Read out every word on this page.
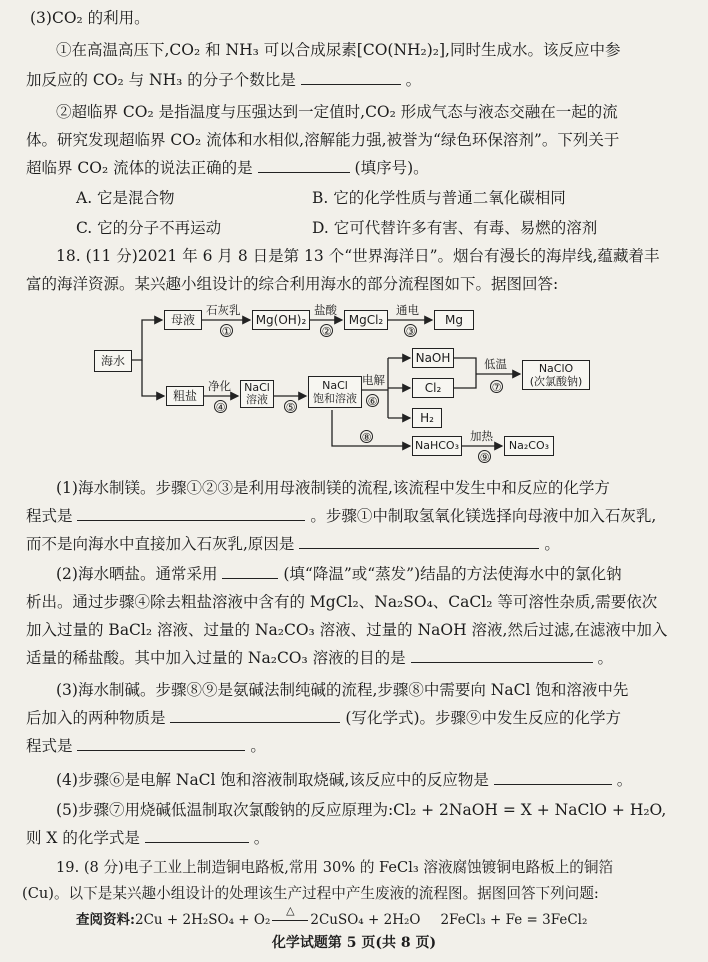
(3)CO₂ 的利用。
①在高温高压下,CO₂ 和 NH₃ 可以合成尿素[CO(NH₂)₂],同时生成水。该反应中参
加反应的 CO₂ 与 NH₃ 的分子个数比是	。
②超临界 CO₂ 是指温度与压强达到一定值时,CO₂ 形成气态与液态交融在一起的流
体。研究发现超临界 CO₂ 流体和水相似,溶解能力强,被誉为“绿色环保溶剂”。下列关于
超临界 CO₂ 流体的说法正确的是	(填序号)。
A. 它是混合物	B. 它的化学性质与普通二氧化碳相同
C. 它的分子不再运动	D. 它可代替许多有害、有毒、易燃的溶剂
18. (11 分)2021 年 6 月 8 日是第 13 个“世界海洋日”。烟台有漫长的海岸线,蕴藏着丰
富的海洋资源。某兴趣小组设计的综合利用海水的部分流程图如下。据图回答:
海水
母液
石灰乳
①
Mg(OH)₂
盐酸
②
MgCl₂
通电
③
Mg
粗盐
净化
④
NaCl
溶液
⑤
NaCl
饱和溶液
电解
⑥
NaOH
Cl₂
H₂
低温
⑦
NaClO
(次氯酸钠)
⑧
NaHCO₃
加热
⑨
Na₂CO₃
(1)海水制镁。步骤①②③是利用母液制镁的流程,该流程中发生中和反应的化学方
程式是	。步骤①中制取氢氧化镁选择向母液中加入石灰乳,
而不是向海水中直接加入石灰乳,原因是	。
(2)海水晒盐。通常采用	(填“降温”或“蒸发”)结晶的方法使海水中的氯化钠
析出。通过步骤④除去粗盐溶液中含有的 MgCl₂、Na₂SO₄、CaCl₂ 等可溶性杂质,需要依次
加入过量的 BaCl₂ 溶液、过量的 Na₂CO₃ 溶液、过量的 NaOH 溶液,然后过滤,在滤液中加入
适量的稀盐酸。其中加入过量的 Na₂CO₃ 溶液的目的是	。
(3)海水制碱。步骤⑧⑨是氨碱法制纯碱的流程,步骤⑧中需要向 NaCl 饱和溶液中先
后加入的两种物质是	(写化学式)。步骤⑨中发生反应的化学方
程式是	。
(4)步骤⑥是电解 NaCl 饱和溶液制取烧碱,该反应中的反应物是	。
(5)步骤⑦用烧碱低温制取次氯酸钠的反应原理为:Cl₂ + 2NaOH = X + NaClO + H₂O,
则 X 的化学式是	。
19. (8 分)电子工业上制造铜电路板,常用 30% 的 FeCl₃ 溶液腐蚀镀铜电路板上的铜箔
(Cu)。以下是某兴趣小组设计的处理该生产过程中产生废液的流程图。据图回答下列问题:
查阅资料:2Cu + 2H₂SO₄ + O₂
△
2CuSO₄ + 2H₂O 2FeCl₃ + Fe = 3FeCl₂
化学试题第 5 页(共 8 页)
